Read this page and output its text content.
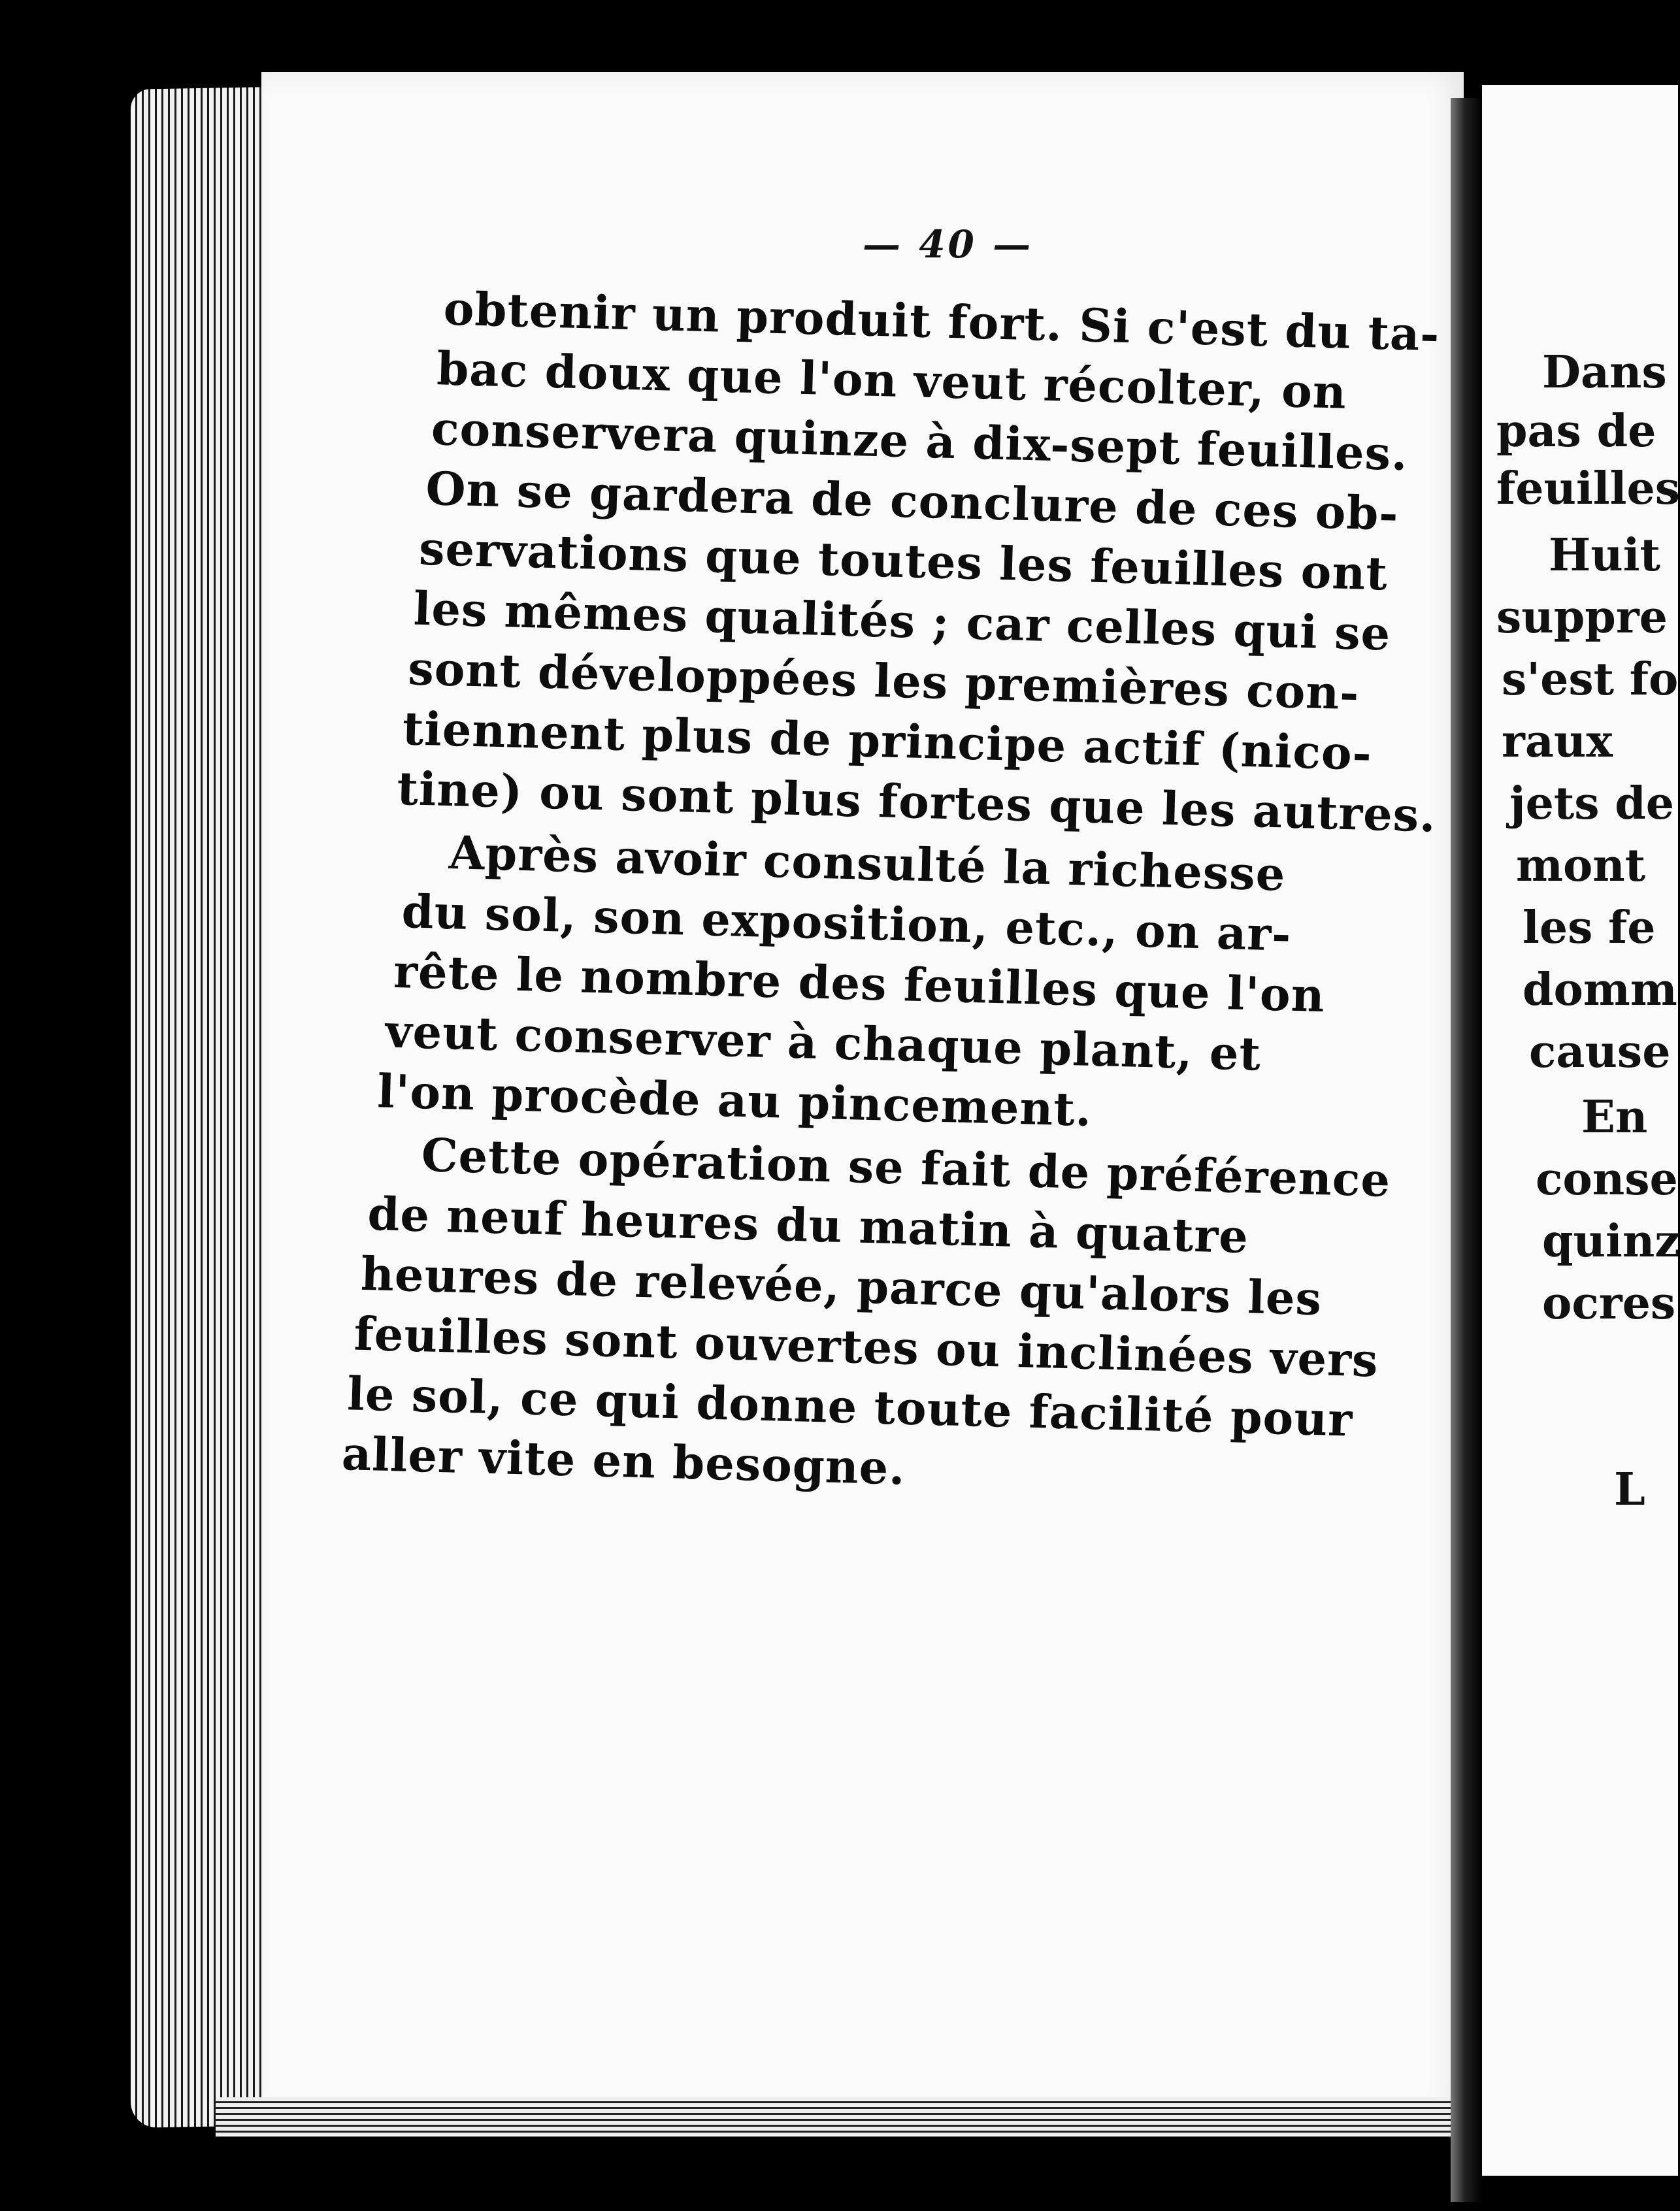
— 40 —
obtenir un produit fort. Si c'est du ta-
bac doux que l'on veut récolter, on
conservera quinze à dix-sept feuilles.
On se gardera de conclure de ces ob-
servations que toutes les feuilles ont
les mêmes qualités ; car celles qui se
sont développées les premières con-
tiennent plus de principe actif (nico-
tine) ou sont plus fortes que les autres.
Après avoir consulté la richesse
du sol, son exposition, etc., on ar-
rête le nombre des feuilles que l'on
veut conserver à chaque plant, et
l'on procède au pincement.
Cette opération se fait de préférence
de neuf heures du matin à quatre
heures de relevée, parce qu'alors les
feuilles sont ouvertes ou inclinées vers
le sol, ce qui donne toute facilité pour
aller vite en besogne.
Dans
pas de
feuilles
Huit
suppre
s'est fo
raux
jets de
mont
les fe
domm
cause
En
conse
quinz
ocres
L
